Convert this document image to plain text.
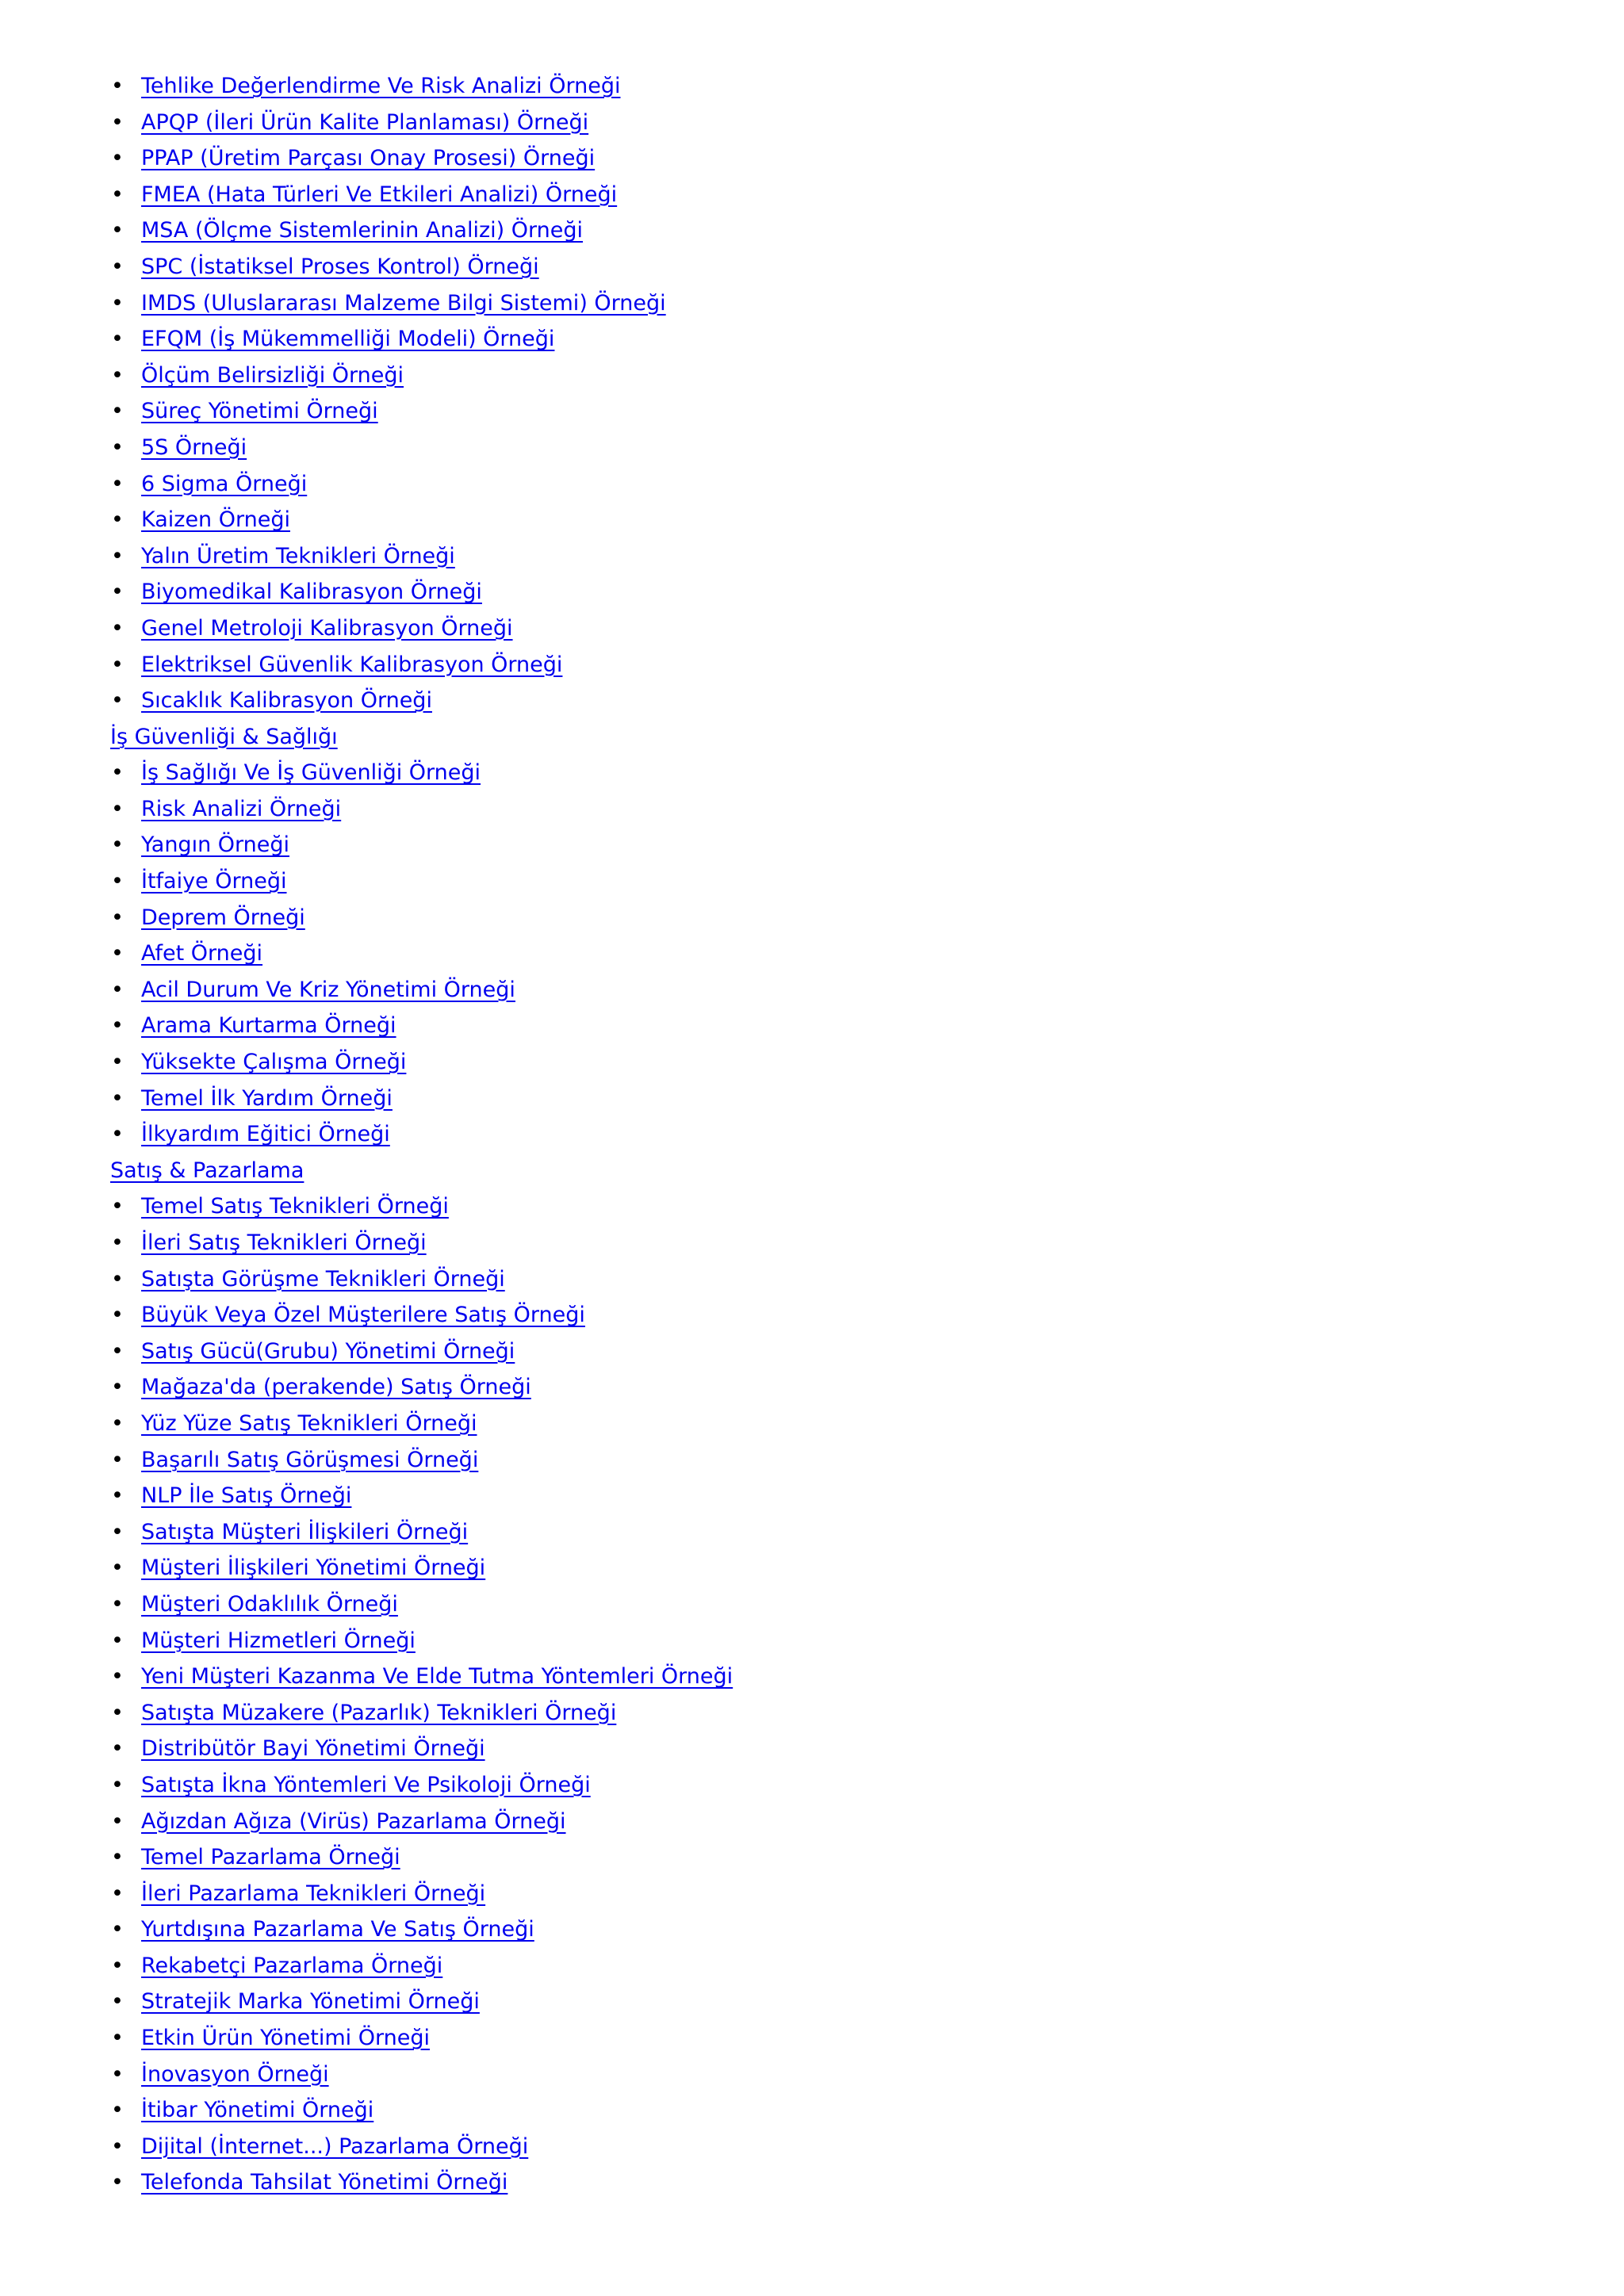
• Tehlike Değerlendirme Ve Risk Analizi Örneği
• APQP (İleri Ürün Kalite Planlaması) Örneği
• PPAP (Üretim Parçası Onay Prosesi) Örneği
• FMEA (Hata Türleri Ve Etkileri Analizi) Örneği
• MSA (Ölçme Sistemlerinin Analizi) Örneği
• SPC (İstatiksel Proses Kontrol) Örneği
• IMDS (Uluslararası Malzeme Bilgi Sistemi) Örneği
• EFQM (İş Mükemmelliği Modeli) Örneği
• Ölçüm Belirsizliği Örneği
• Süreç Yönetimi Örneği
• 5S Örneği
• 6 Sigma Örneği
• Kaizen Örneği
• Yalın Üretim Teknikleri Örneği
• Biyomedikal Kalibrasyon Örneği
• Genel Metroloji Kalibrasyon Örneği
• Elektriksel Güvenlik Kalibrasyon Örneği
• Sıcaklık Kalibrasyon Örneği
İş Güvenliği & Sağlığı
• İş Sağlığı Ve İş Güvenliği Örneği
• Risk Analizi Örneği
• Yangın Örneği
• İtfaiye Örneği
• Deprem Örneği
• Afet Örneği
• Acil Durum Ve Kriz Yönetimi Örneği
• Arama Kurtarma Örneği
• Yüksekte Çalışma Örneği
• Temel İlk Yardım Örneği
• İlkyardım Eğitici Örneği
Satış & Pazarlama
• Temel Satış Teknikleri Örneği
• İleri Satış Teknikleri Örneği
• Satışta Görüşme Teknikleri Örneği
• Büyük Veya Özel Müşterilere Satış Örneği
• Satış Gücü(Grubu) Yönetimi Örneği
• Mağaza'da (perakende) Satış Örneği
• Yüz Yüze Satış Teknikleri Örneği
• Başarılı Satış Görüşmesi Örneği
• NLP İle Satış Örneği
• Satışta Müşteri İlişkileri Örneği
• Müşteri İlişkileri Yönetimi Örneği
• Müşteri Odaklılık Örneği
• Müşteri Hizmetleri Örneği
• Yeni Müşteri Kazanma Ve Elde Tutma Yöntemleri Örneği
• Satışta Müzakere (Pazarlık) Teknikleri Örneği
• Distribütör Bayi Yönetimi Örneği
• Satışta İkna Yöntemleri Ve Psikoloji Örneği
• Ağızdan Ağıza (Virüs) Pazarlama Örneği
• Temel Pazarlama Örneği
• İleri Pazarlama Teknikleri Örneği
• Yurtdışına Pazarlama Ve Satış Örneği
• Rekabetçi Pazarlama Örneği
• Stratejik Marka Yönetimi Örneği
• Etkin Ürün Yönetimi Örneği
• İnovasyon Örneği
• İtibar Yönetimi Örneği
• Dijital (İnternet...) Pazarlama Örneği
• Telefonda Tahsilat Yönetimi Örneği
